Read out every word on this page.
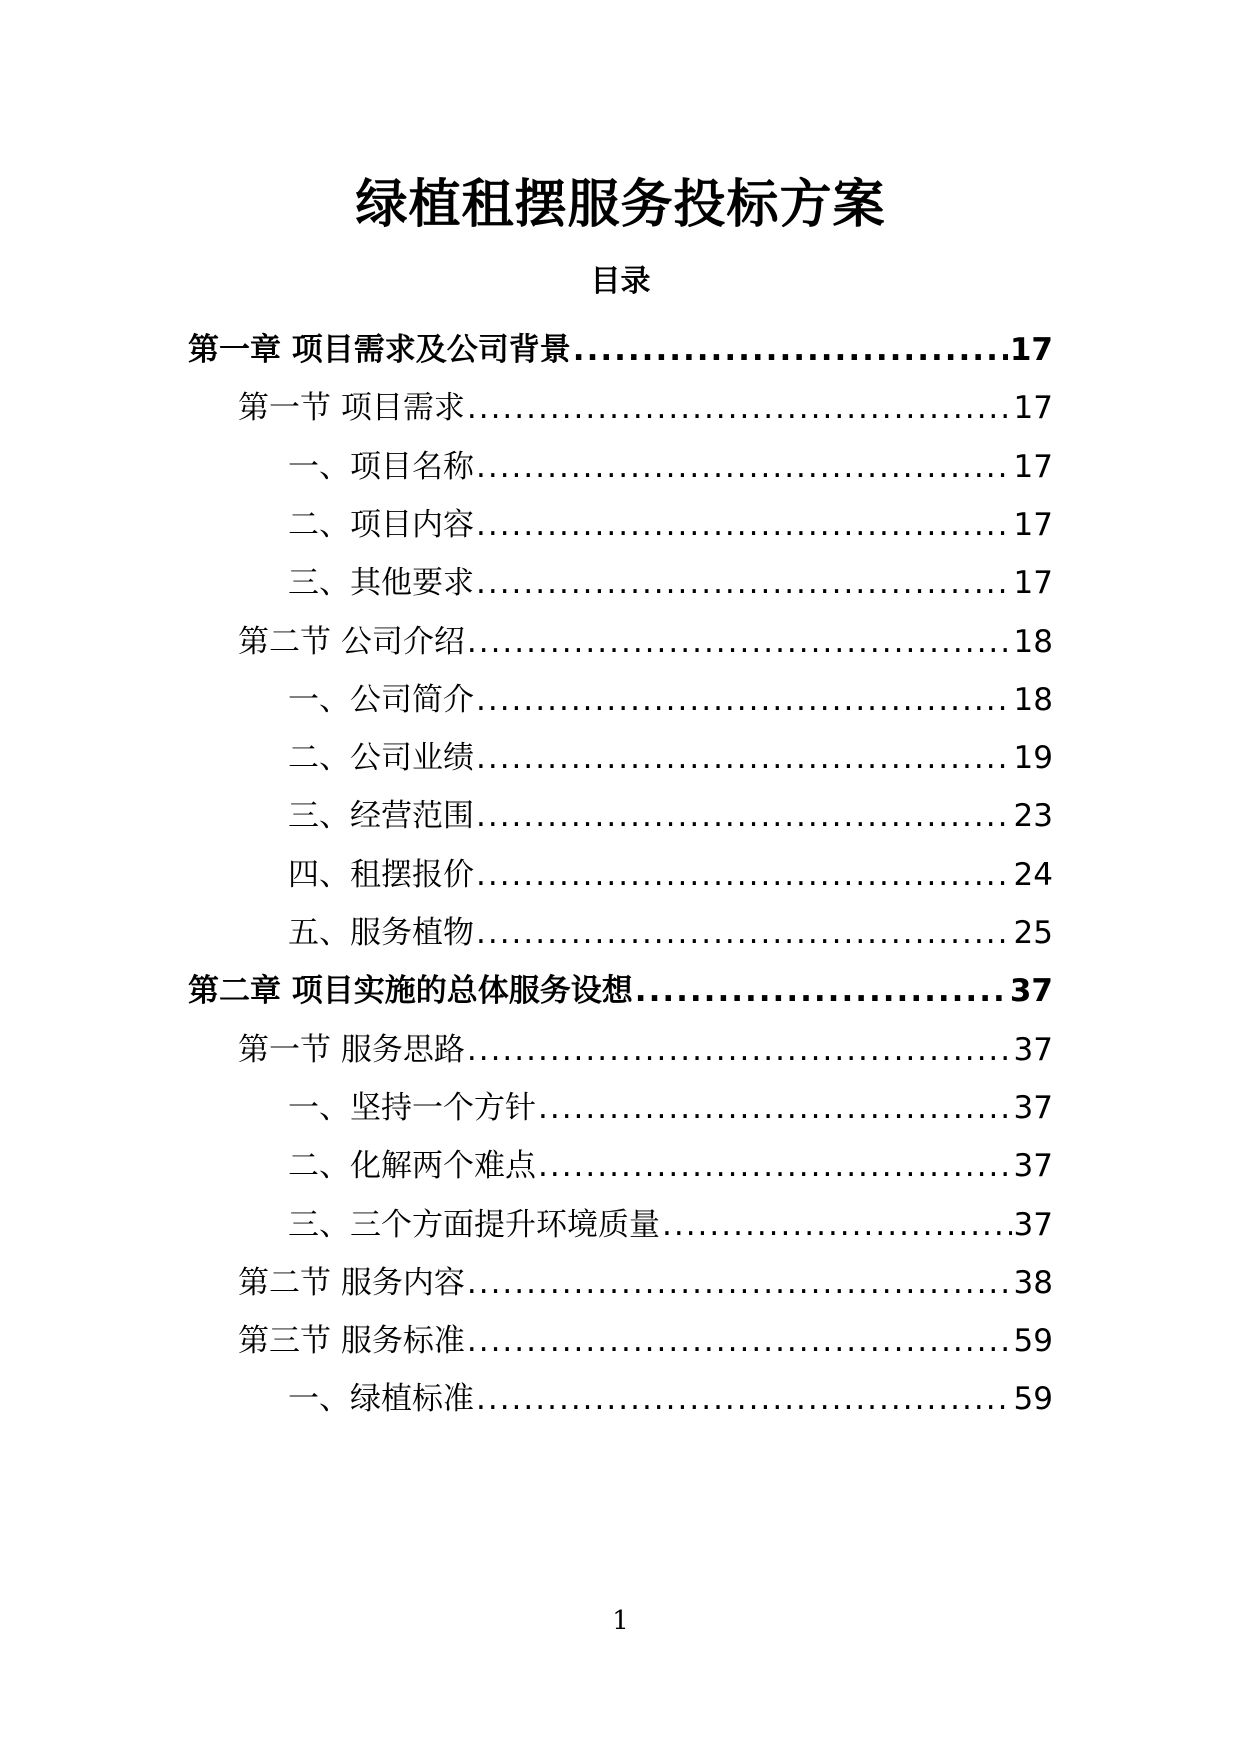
绿植租摆服务投标方案
目录
第一章 项目需求及公司背景 .....	17
第一节 项目需求 .....	17
一、项目名称 .....	17
二、项目内容 .....	17
三、其他要求 .....	17
第二节 公司介绍 .....	18
一、公司简介 .....	18
二、公司业绩 .....	19
三、经营范围 .....	23
四、租摆报价 .....	24
五、服务植物 .....	25
第二章 项目实施的总体服务设想 .....	37
第一节 服务思路 .....	37
一、坚持一个方针 .....	37
二、化解两个难点 .....	37
三、三个方面提升环境质量 .....	37
第二节 服务内容 .....	38
第三节 服务标准 .....	59
一、绿植标准 .....	59
1
